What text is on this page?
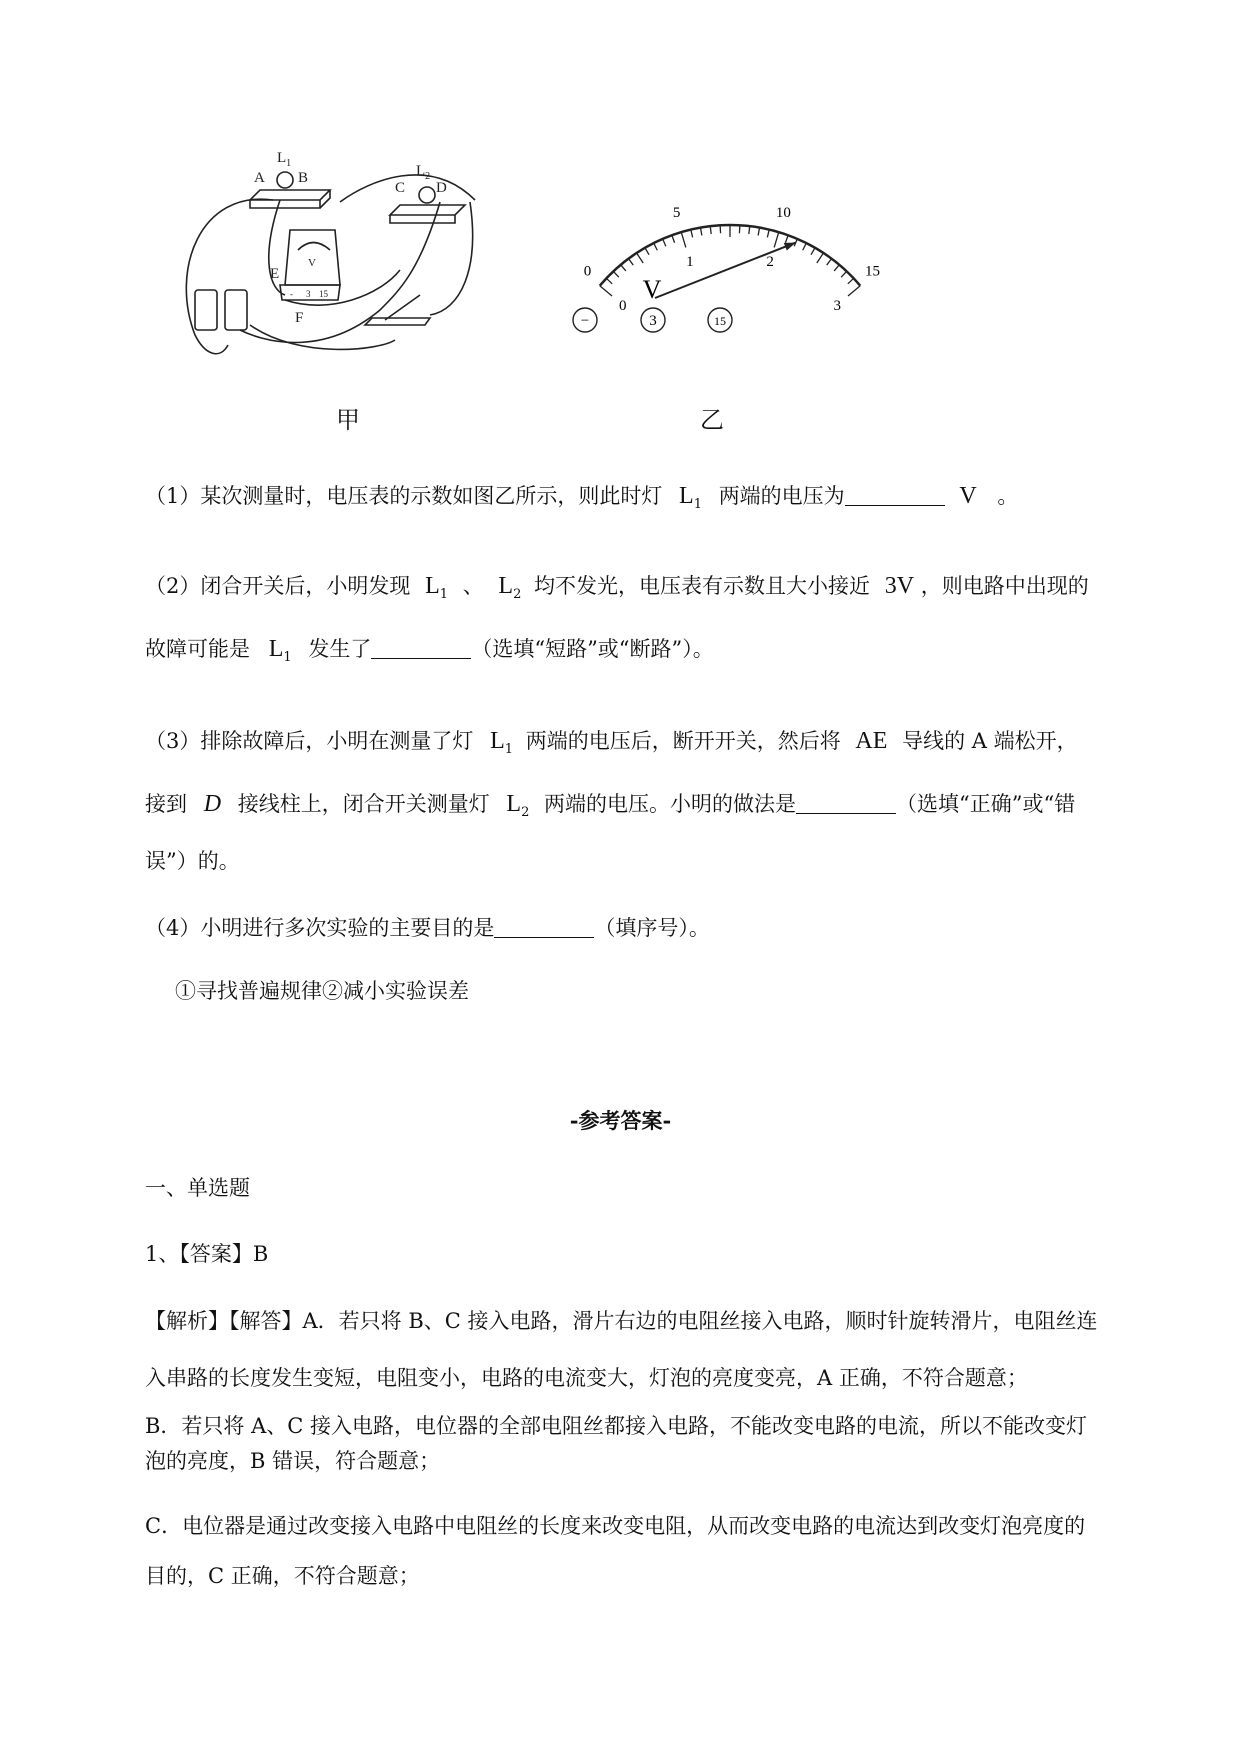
$L_1$
A B	$L_2$
C D
E
F
V
- 3 15
甲
0
5	10
15
0
1	2
3
V
−	3	15
乙
（1）某次测量时，电压表的示数如图乙所示，则此时灯 $L_1$ 两端的电压为	V 。
（2）闭合开关后，小明发现 $L_1$ 、 $L_2$ 均不发光，电压表有示数且大小接近 3V ，则电路中出现的
故障可能是 $L_1$ 发生了	（选填“短路”或“断路”）。
（3）排除故障后，小明在测量了灯 $L_1$ 两端的电压后，断开开关，然后将 AE 导线的 A 端松开，
接到 D 接线柱上，闭合开关测量灯 $L_2$ 两端的电压。小明的做法是	（选填“正确”或“错
误”）的。
（4）小明进行多次实验的主要目的是	（填序号）。
①寻找普遍规律②减小实验误差
-参考答案-
一、单选题
1、【答案】B
【解析】【解答】A．若只将 B、C 接入电路，滑片右边的电阻丝接入电路，顺时针旋转滑片，电阻丝连
入串路的长度发生变短，电阻变小，电路的电流变大，灯泡的亮度变亮，A 正确，不符合题意；
B．若只将 A、C 接入电路，电位器的全部电阻丝都接入电路，不能改变电路的电流，所以不能改变灯
泡的亮度，B 错误，符合题意；
C．电位器是通过改变接入电路中电阻丝的长度来改变电阻，从而改变电路的电流达到改变灯泡亮度的
目的，C 正确，不符合题意；
